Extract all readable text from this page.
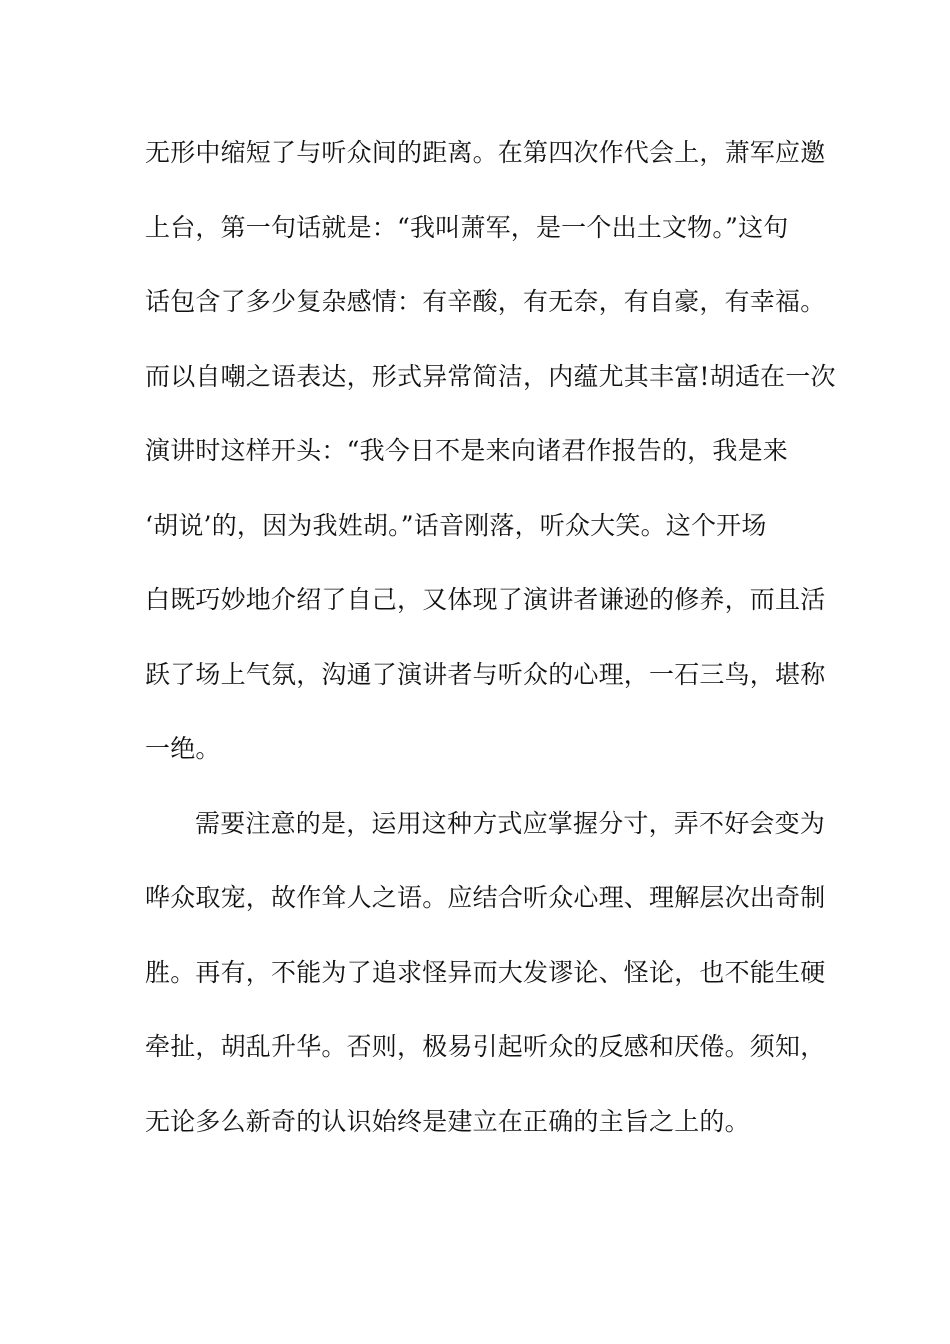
无形中缩短了与听众间的距离。在第四次作代会上，萧军应邀
上台，第一句话就是：“我叫萧军，是一个出土文物。”这句
话包含了多少复杂感情：有辛酸，有无奈，有自豪，有幸福。
而以自嘲之语表达，形式异常简洁，内蕴尤其丰富!胡适在一次
演讲时这样开头：“我今日不是来向诸君作报告的，我是来
‘胡说’的，因为我姓胡。”话音刚落，听众大笑。这个开场
白既巧妙地介绍了自己，又体现了演讲者谦逊的修养，而且活
跃了场上气氛，沟通了演讲者与听众的心理，一石三鸟，堪称
一绝。
需要注意的是，运用这种方式应掌握分寸，弄不好会变为
哗众取宠，故作耸人之语。应结合听众心理、理解层次出奇制
胜。再有，不能为了追求怪异而大发谬论、怪论，也不能生硬
牵扯，胡乱升华。否则，极易引起听众的反感和厌倦。须知，
无论多么新奇的认识始终是建立在正确的主旨之上的。
